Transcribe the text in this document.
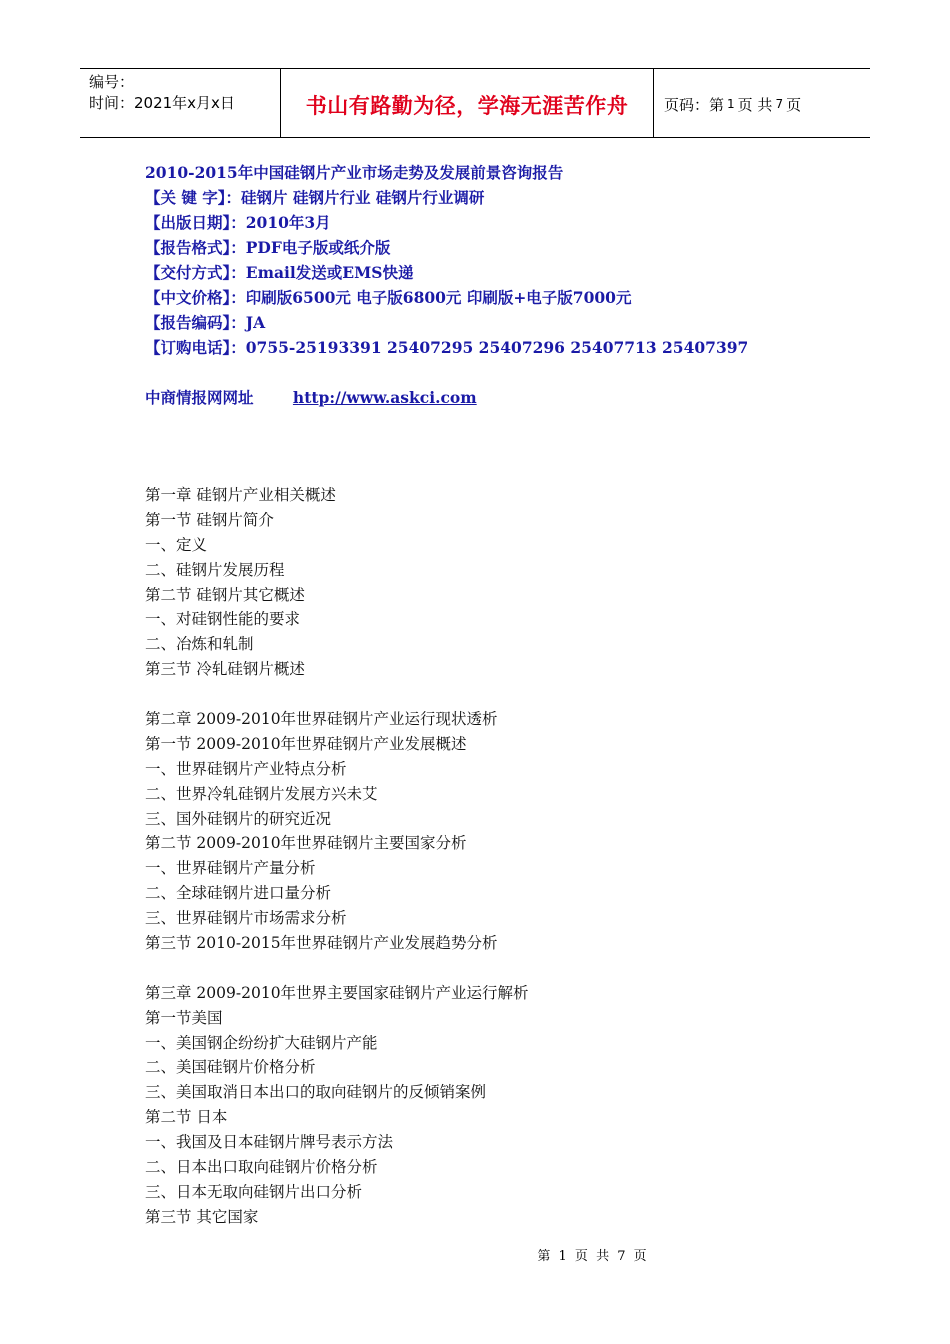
编号：
时间：2021年x月x日	书山有路勤为径，学海无涯苦作舟	页码：第 1 页 共 7 页
2010-2015年中国硅钢片产业市场走势及发展前景咨询报告
【关 键 字】：硅钢片 硅钢片行业 硅钢片行业调研
【出版日期】：2010年3月
【报告格式】：PDF电子版或纸介版
【交付方式】：Email发送或EMS快递
【中文价格】：印刷版6500元 电子版6800元 印刷版+电子版7000元
【报告编码】：JA
【订购电话】：0755-25193391 25407295 25407296 25407713 25407397
中商情报网网址	http://www.askci.com
第一章 硅钢片产业相关概述
第一节 硅钢片简介
一、定义
二、硅钢片发展历程
第二节 硅钢片其它概述
一、对硅钢性能的要求
二、冶炼和轧制
第三节 冷轧硅钢片概述
第二章 2009-2010年世界硅钢片产业运行现状透析
第一节 2009-2010年世界硅钢片产业发展概述
一、世界硅钢片产业特点分析
二、世界冷轧硅钢片发展方兴未艾
三、国外硅钢片的研究近况
第二节 2009-2010年世界硅钢片主要国家分析
一、世界硅钢片产量分析
二、全球硅钢片进口量分析
三、世界硅钢片市场需求分析
第三节 2010-2015年世界硅钢片产业发展趋势分析
第三章 2009-2010年世界主要国家硅钢片产业运行解析
第一节美国
一、美国钢企纷纷扩大硅钢片产能
二、美国硅钢片价格分析
三、美国取消日本出口的取向硅钢片的反倾销案例
第二节 日本
一、我国及日本硅钢片牌号表示方法
二、日本出口取向硅钢片价格分析
三、日本无取向硅钢片出口分析
第三节 其它国家
第 1 页 共 7 页
